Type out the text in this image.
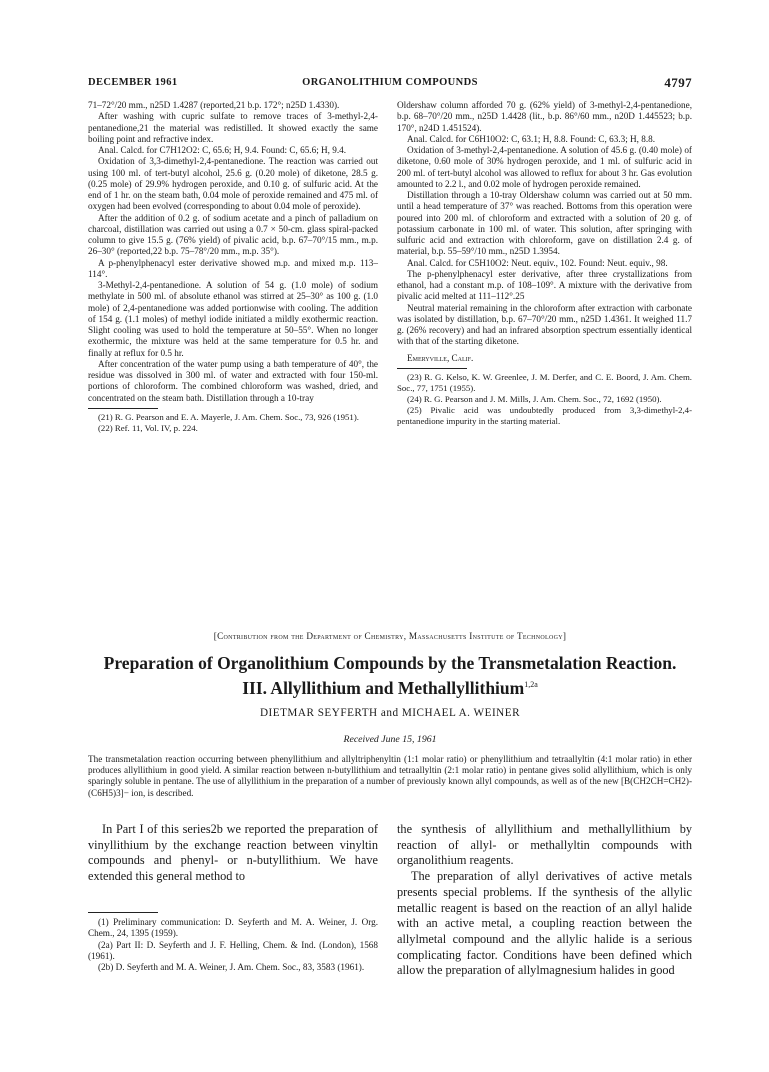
DECEMBER 1961	ORGANOLITHIUM COMPOUNDS	4797

71–72°/20 mm., n25D 1.4287 (reported,21 b.p. 172°; n25D 1.4330).

After washing with cupric sulfate to remove traces of 3-methyl-2,4-pentanedione,21 the material was redistilled. It showed exactly the same boiling point and refractive index.

Anal. Calcd. for C7H12O2: C, 65.6; H, 9.4. Found: C, 65.6; H, 9.4.

Oxidation of 3,3-dimethyl-2,4-pentanedione. The reaction was carried out using 100 ml. of tert-butyl alcohol, 25.6 g. (0.20 mole) of diketone, 28.5 g. (0.25 mole) of 29.9% hydrogen peroxide, and 0.10 g. of sulfuric acid. At the end of 1 hr. on the steam bath, 0.04 mole of peroxide remained and 475 ml. of oxygen had been evolved (corresponding to about 0.04 mole of peroxide).

After the addition of 0.2 g. of sodium acetate and a pinch of palladium on charcoal, distillation was carried out using a 0.7 × 50-cm. glass spiral-packed column to give 15.5 g. (76% yield) of pivalic acid, b.p. 67–70°/15 mm., m.p. 26–30° (reported,22 b.p. 75–78°/20 mm., m.p. 35°).

A p-phenylphenacyl ester derivative showed m.p. and mixed m.p. 113–114°.

3-Methyl-2,4-pentanedione. A solution of 54 g. (1.0 mole) of sodium methylate in 500 ml. of absolute ethanol was stirred at 25–30° as 100 g. (1.0 mole) of 2,4-pentanedione was added portionwise with cooling. The addition of 154 g. (1.1 moles) of methyl iodide initiated a mildly exothermic reaction. Slight cooling was used to hold the temperature at 50–55°. When no longer exothermic, the mixture was held at the same temperature for 0.5 hr. and finally at reflux for 0.5 hr.

After concentration of the water pump using a bath temperature of 40°, the residue was dissolved in 300 ml. of water and extracted with four 150-ml. portions of chloroform. The combined chloroform was washed, dried, and concentrated on the steam bath. Distillation through a 10-tray

(21) R. G. Pearson and E. A. Mayerle, J. Am. Chem. Soc., 73, 926 (1951).

(22) Ref. 11, Vol. IV, p. 224.

Oldershaw column afforded 70 g. (62% yield) of 3-methyl-2,4-pentanedione, b.p. 68–70°/20 mm., n25D 1.4428 (lit., b.p. 86°/60 mm., n20D 1.445523; b.p. 170°, n24D 1.451524).

Anal. Calcd. for C6H10O2: C, 63.1; H, 8.8. Found: C, 63.3; H, 8.8.

Oxidation of 3-methyl-2,4-pentanedione. A solution of 45.6 g. (0.40 mole) of diketone, 0.60 mole of 30% hydrogen peroxide, and 1 ml. of sulfuric acid in 200 ml. of tert-butyl alcohol was allowed to reflux for about 3 hr. Gas evolution amounted to 2.2 l., and 0.02 mole of hydrogen peroxide remained.

Distillation through a 10-tray Oldershaw column was carried out at 50 mm. until a head temperature of 37° was reached. Bottoms from this operation were poured into 200 ml. of chloroform and extracted with a solution of 20 g. of potassium carbonate in 100 ml. of water. This solution, after springing with sulfuric acid and extraction with chloroform, gave on distillation 2.4 g. of material, b.p. 55–59°/10 mm., n25D 1.3954.

Anal. Calcd. for C5H10O2: Neut. equiv., 102. Found: Neut. equiv., 98.

The p-phenylphenacyl ester derivative, after three crystallizations from ethanol, had a constant m.p. of 108–109°. A mixture with the derivative from pivalic acid melted at 111–112°.25

Neutral material remaining in the chloroform after extraction with carbonate was isolated by distillation, b.p. 67–70°/20 mm., n25D 1.4361. It weighed 11.7 g. (26% recovery) and had an infrared absorption spectrum essentially identical with that of the starting diketone.

Emeryville, Calif.

(23) R. G. Kelso, K. W. Greenlee, J. M. Derfer, and C. E. Boord, J. Am. Chem. Soc., 77, 1751 (1955).

(24) R. G. Pearson and J. M. Mills, J. Am. Chem. Soc., 72, 1692 (1950).

(25) Pivalic acid was undoubtedly produced from 3,3-dimethyl-2,4-pentanedione impurity in the starting material.

[Contribution from the Department of Chemistry, Massachusetts Institute of Technology]
Preparation of Organolithium Compounds by the Transmetalation Reaction.
III. Allyllithium and Methallyllithium$^{1,2a}$
DIETMAR SEYFERTH and MICHAEL A. WEINER
Received June 15, 1961
The transmetalation reaction occurring between phenyllithium and allyltriphenyltin (1:1 molar ratio) or phenyllithium and tetraallyltin (4:1 molar ratio) in ether produces allyllithium in good yield. A similar reaction between n-butyllithium and tetraallyltin (2:1 molar ratio) in pentane gives solid allyllithium, which is only sparingly soluble in pentane. The use of allyllithium in the preparation of a number of previously known allyl compounds, as well as of the new [B(CH2CH=CH2)-(C6H5)3]− ion, is described.

In Part I of this series2b we reported the preparation of vinyllithium by the exchange reaction between vinyltin compounds and phenyl- or n-butyllithium. We have extended this general method to

(1) Preliminary communication: D. Seyferth and M. A. Weiner, J. Org. Chem., 24, 1395 (1959).

(2a) Part II: D. Seyferth and J. F. Helling, Chem. & Ind. (London), 1568 (1961).

(2b) D. Seyferth and M. A. Weiner, J. Am. Chem. Soc., 83, 3583 (1961).

the synthesis of allyllithium and methallyllithium by reaction of allyl- or methallyltin compounds with organolithium reagents.

The preparation of allyl derivatives of active metals presents special problems. If the synthesis of the allylic metallic reagent is based on the reaction of an allyl halide with an active metal, a coupling reaction between the allylmetal compound and the allylic halide is a serious complicating factor. Conditions have been defined which allow the preparation of allylmagnesium halides in good
